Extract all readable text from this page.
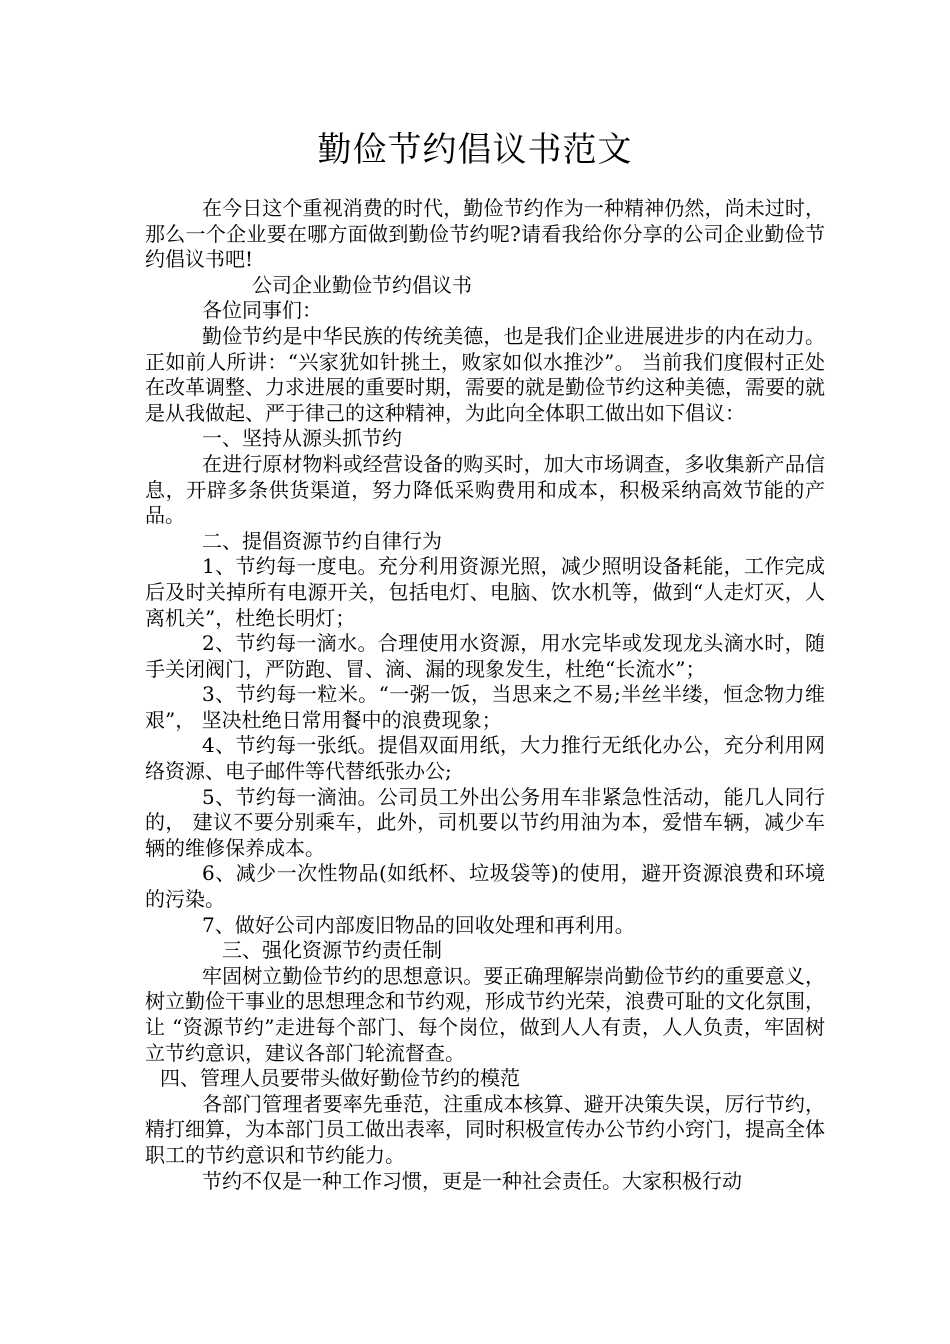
勤俭节约倡议书范文

在今日这个重视消费的时代，勤俭节约作为一种精神仍然，尚未过时，那么一个企业要在哪方面做到勤俭节约呢?请看我给你分享的公司企业勤俭节约倡议书吧!

公司企业勤俭节约倡议书

各位同事们：

勤俭节约是中华民族的传统美德，也是我们企业进展进步的内在动力。 正如前人所讲：“兴家犹如针挑土，败家如似水推沙”。 当前我们度假村正处在改革调整、力求进展的重要时期，需要的就是勤俭节约这种美德，需要的就是从我做起、严于律己的这种精神，为此向全体职工做出如下倡议：

一、坚持从源头抓节约

在进行原材物料或经营设备的购买时，加大市场调查，多收集新产品信息，开辟多条供货渠道，努力降低采购费用和成本，积极采纳高效节能的产品。

二、提倡资源节约自律行为

1、节约每一度电。充分利用资源光照，减少照明设备耗能，工作完成后及时关掉所有电源开关，包括电灯、电脑、饮水机等，做到“人走灯灭，人离机关”，杜绝长明灯；

2、节约每一滴水。合理使用水资源，用水完毕或发现龙头滴水时，随手关闭阀门，严防跑、冒、滴、漏的现象发生，杜绝“长流水”；

3、节约每一粒米。“一粥一饭，当思来之不易;半丝半缕，恒念物力维艰”， 坚决杜绝日常用餐中的浪费现象；

4、节约每一张纸。提倡双面用纸，大力推行无纸化办公，充分利用网络资源、电子邮件等代替纸张办公;

5、节约每一滴油。公司员工外出公务用车非紧急性活动，能几人同行的， 建议不要分别乘车，此外，司机要以节约用油为本，爱惜车辆，减少车辆的维修保养成本。

6、减少一次性物品(如纸杯、垃圾袋等)的使用，避开资源浪费和环境的污染。

7、做好公司内部废旧物品的回收处理和再利用。

三、强化资源节约责任制

牢固树立勤俭节约的思想意识。要正确理解崇尚勤俭节约的重要意义，树立勤俭干事业的思想理念和节约观，形成节约光荣，浪费可耻的文化氛围，让 “资源节约”走进每个部门、每个岗位，做到人人有责，人人负责，牢固树立节约意识，建议各部门轮流督查。

四、管理人员要带头做好勤俭节约的模范

各部门管理者要率先垂范，注重成本核算、避开决策失误，厉行节约，精打细算，为本部门员工做出表率，同时积极宣传办公节约小窍门，提高全体职工的节约意识和节约能力。

节约不仅是一种工作习惯，更是一种社会责任。大家积极行动
